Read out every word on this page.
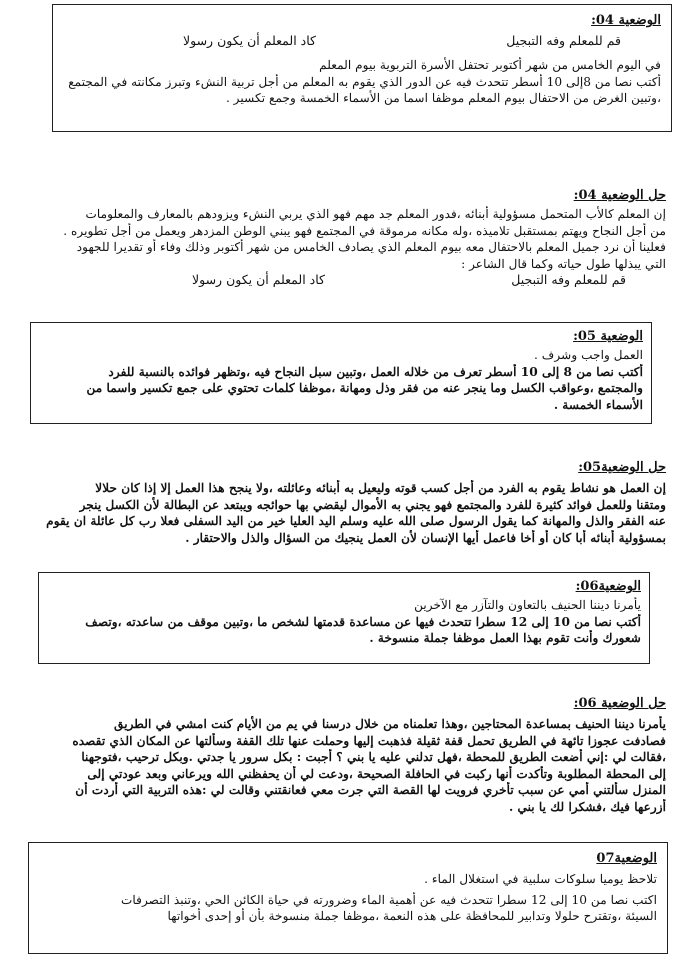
الوضعية 04:
قم للمعلم وفه التبجيل
كاد المعلم أن يكون رسولا
في اليوم الخامس من شهر أكتوبر تحتفل الأسرة التربوية بيوم المعلم
أكتب نصا من 8إلى 10 أسطر تتحدث فيه عن الدور الذي يقوم به المعلم من أجل تربية النشء وتبرز مكانته في المجتمع
،وتبين الغرض من الاحتفال بيوم المعلم موظفا اسما من الأسماء الخمسة وجمع تكسير .
حل الوضعية 04:
إن المعلم كالأب المتحمل مسؤولية أبنائه ،فدور المعلم جد مهم فهو الذي يربي النشء ويزودهم بالمعارف والمعلومات
من أجل النجاح ويهتم بمستقبل تلاميذه ،وله مكانه مرموقة في المجتمع فهو يبني الوطن المزدهر ويعمل من أجل تطويره .
فعلينا أن نرد جميل المعلم بالاحتفال معه بيوم المعلم الذي يصادف الخامس من شهر أكتوبر وذلك وفاء أو تقديرا للجهود
التي يبذلها طول حياته وكما قال الشاعر :
قم للمعلم وفه التبجيل
كاد المعلم أن يكون رسولا
الوضعية 05:
العمل واجب وشرف .
أكتب نصا من 8 إلى 10 أسطر تعرف من خلاله العمل ،وتبين سبل النجاح فيه ،وتظهر فوائده بالنسبة للفرد
والمجتمع ،وعواقب الكسل وما ينجر عنه من فقر وذل ومهانة ،موظفا كلمات تحتوي على جمع تكسير واسما من
الأسماء الخمسة .
حل الوضعية05:
إن العمل هو نشاط يقوم به الفرد من أجل كسب قوته وليعيل به أبنائه وعائلته ،ولا ينجح هذا العمل إلا إذا كان حلالا
ومتقنا وللعمل فوائد كثيرة للفرد والمجتمع فهو يجني به الأموال ليقضي بها حوائجه ويبتعد عن البطالة لأن الكسل ينجر
عنه الفقر والذل والمهانة كما يقول الرسول صلى الله عليه وسلم اليد العليا خير من اليد السفلى فعلا رب كل عائلة ان يقوم
بمسؤولية أبنائه أبا كان أو أخا فاعمل أيها الإنسان لأن العمل ينجيك من السؤال والذل والاحتقار .
الوضعية06:
يأمرنا ديننا الحنيف بالتعاون والتآزر مع الآخرين
أكتب نصا من 10 إلى 12 سطرا تتحدث فيها عن مساعدة قدمتها لشخص ما ،وتبين موقف من ساعدته ،وتصف
شعورك وأنت تقوم بهذا العمل موظفا جملة منسوخة .
حل الوضعية 06:
يأمرنا ديننا الحنيف بمساعدة المحتاجين ،وهذا تعلمناه من خلال درسنا في يم من الأيام كنت امشي في الطريق
فصادفت عجوزا تائهة في الطريق تحمل قفة ثقيلة فذهبت إليها وحملت عنها تلك القفة وسألتها عن المكان الذي تقصده
،فقالت لي :إني أضعت الطريق للمحطة ،فهل تدلني عليه يا بني ؟ أجبت : بكل سرور يا جدتي .وبكل ترحيب ،فتوجهنا
إلى المحطة المطلوبة وتأكدت أنها ركبت في الحافلة الصحيحة ،ودعت لي أن يحفظني الله ويرعاني وبعد عودتي إلى
المنزل سألتني أمي عن سبب تأخري فرويت لها القصة التي جرت معي فعانقتني وقالت لي :هذه التربية التي أردت أن
أزرعها فيك ،فشكرا لك يا بني .
الوضعية07
تلاحظ يوميا سلوكات سلبية في استغلال الماء .
اكتب نصا من 10 إلى 12 سطرا تتحدث فيه عن أهمية الماء وضرورته في حياة الكائن الحي ،وتنبذ التصرفات
السيئة ،وتقترح حلولا وتدابير للمحافظة على هذه النعمة ،موظفا جملة منسوخة بأن أو إحدى أخواتها
